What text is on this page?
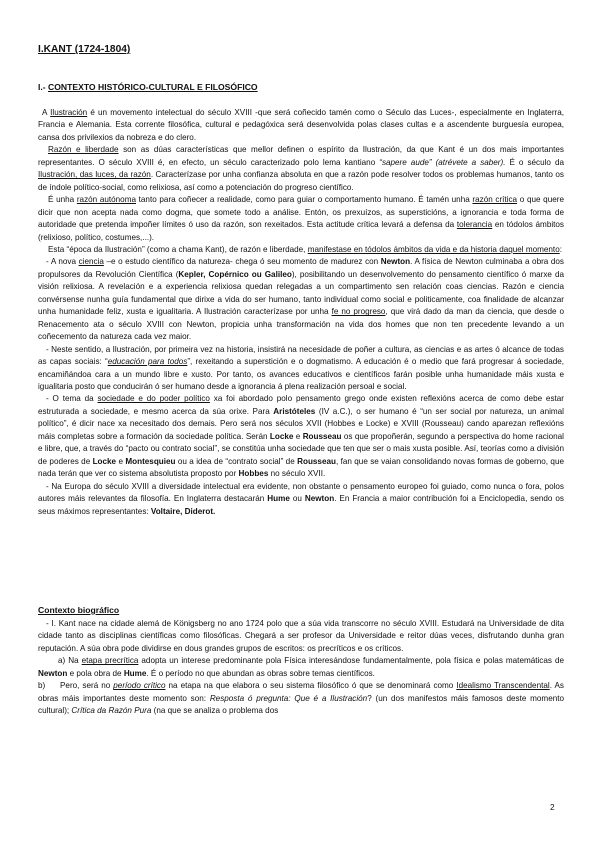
I.KANT (1724-1804)
I.- CONTEXTO HISTÓRICO-CULTURAL E FILOSÓFICO

A Ilustración é un movemento intelectual do século XVIII -que será coñecido tamén como o Século das Luces-, especialmente en Inglaterra, Francia e Alemania. Esta corrente filosófica, cultural e pedagóxica será desenvolvida polas clases cultas e a ascendente burguesía europea, cansa dos privilexios da nobreza e do clero.

Razón e liberdade son as dúas características que mellor definen o espírito da Ilustración, da que Kant é un dos mais importantes representantes. O século XVIII é, en efecto, un século caracterizado polo lema kantiano “sapere aude” (atrévete a saber). É o século da Ilustración, das luces, da razón. Caracterízase por unha confianza absoluta en que a razón pode resolver todos os problemas humanos, tanto os de índole político-social, como relixiosa, así como a potenciación do progreso científico.

É unha razón autónoma tanto para coñecer a realidade, como para guiar o comportamento humano. É tamén unha razón crítica o que quere dicir que non acepta nada como dogma, que somete todo a análise. Entón, os prexuízos, as supersticións, a ignorancia e toda forma de autoridade que pretenda impoñer límites ó uso da razón, son rexeitados. Esta actitude crítica levará a defensa da tolerancia en tódolos ámbitos (relixioso, político, costumes,...).

Esta “época da Ilustración” (como a chama Kant), de razón e liberdade, manifestase en tódolos ámbitos da vida e da historia daquel momento:

- A nova ciencia –e o estudo científico da natureza- chega ó seu momento de madurez con Newton. A física de Newton culminaba a obra dos propulsores da Revolución Científica (Kepler, Copérnico ou Galileo), posibilitando un desenvolvemento do pensamento científico ó marxe da visión relixiosa. A revelación e a experiencia relixiosa quedan relegadas a un compartimento sen relación coas ciencias. Razón e ciencia convérsense nunha guía fundamental que dirixe a vida do ser humano, tanto individual como social e politicamente, coa finalidade de alcanzar unha humanidade feliz, xusta e igualitaria. A Ilustración caracterízase por unha fe no progreso, que virá dado da man da ciencia, que desde o Renacemento ata o século XVIII con Newton, propicia unha transformación na vida dos homes que non ten precedente levando a un coñecemento da natureza cada vez maior.

- Neste sentido, a Ilustración, por primeira vez na historia, insistirá na necesidade de poñer a cultura, as ciencias e as artes ó alcance de todas as capas sociais: “educación para todos”, rexeitando a superstición e o dogmatismo. A educación é o medio que fará progresar á sociedade, encamiñándoa cara a un mundo libre e xusto. Por tanto, os avances educativos e científicos farán posible unha humanidade máis xusta e igualitaria posto que conducirán ó ser humano desde a ignorancia á plena realización persoal e social.

- O tema da sociedade e do poder político xa foi abordado polo pensamento grego onde existen reflexións acerca de como debe estar estruturada a sociedade, e mesmo acerca da súa orixe. Para Aristóteles (IV a.C.), o ser humano é “un ser social por natureza, un animal político”, é dicir nace xa necesitado dos demais. Pero será nos séculos XVII (Hobbes e Locke) e XVIII (Rousseau) cando aparezan reflexións máis completas sobre a formación da sociedade política. Serán Locke e Rousseau os que propoñerán, segundo a perspectiva do home racional e libre, que, a través do “pacto ou contrato social”, se constitúa unha sociedade que ten que ser o mais xusta posible. Así, teorías como a división de poderes de Locke e Montesquieu ou a idea de “contrato social” de Rousseau, fan que se vaian consolidando novas formas de goberno, que nada terán que ver co sistema absolutista proposto por Hobbes no século XVII.

- Na Europa do século XVIII a diversidade intelectual era evidente, non obstante o pensamento europeo foi guiado, como nunca o fora, polos autores máis relevantes da filosofía. En Inglaterra destacarán Hume ou Newton. En Francia a maior contribución foi a Enciclopedia, sendo os seus máximos representantes: Voltaire, Diderot.

Contexto biográfico

- I. Kant nace na cidade alemá de Königsberg no ano 1724 polo que a súa vida transcorre no século XVIII. Estudará na Universidade de dita cidade tanto as disciplinas científicas como filosóficas. Chegará a ser profesor da Universidade e reitor dúas veces, disfrutando dunha gran reputación. A súa obra pode dividirse en dous grandes grupos de escritos: os precríticos e os críticos.

a) Na etapa precrítica adopta un interese predominante pola Física interesándose fundamentalmente, pola física e polas matemáticas de Newton e pola obra de Hume. É o período no que abundan as obras sobre temas científicos.

b) Pero, será no período crítico na etapa na que elabora o seu sistema filosófico ó que se denominará como Idealismo Transcendental. As obras máis importantes deste momento son: Resposta ó pregunta: Que é a Ilustración? (un dos manifestos máis famosos deste momento cultural); Crítica da Razón Pura (na que se analiza o problema dos

2
